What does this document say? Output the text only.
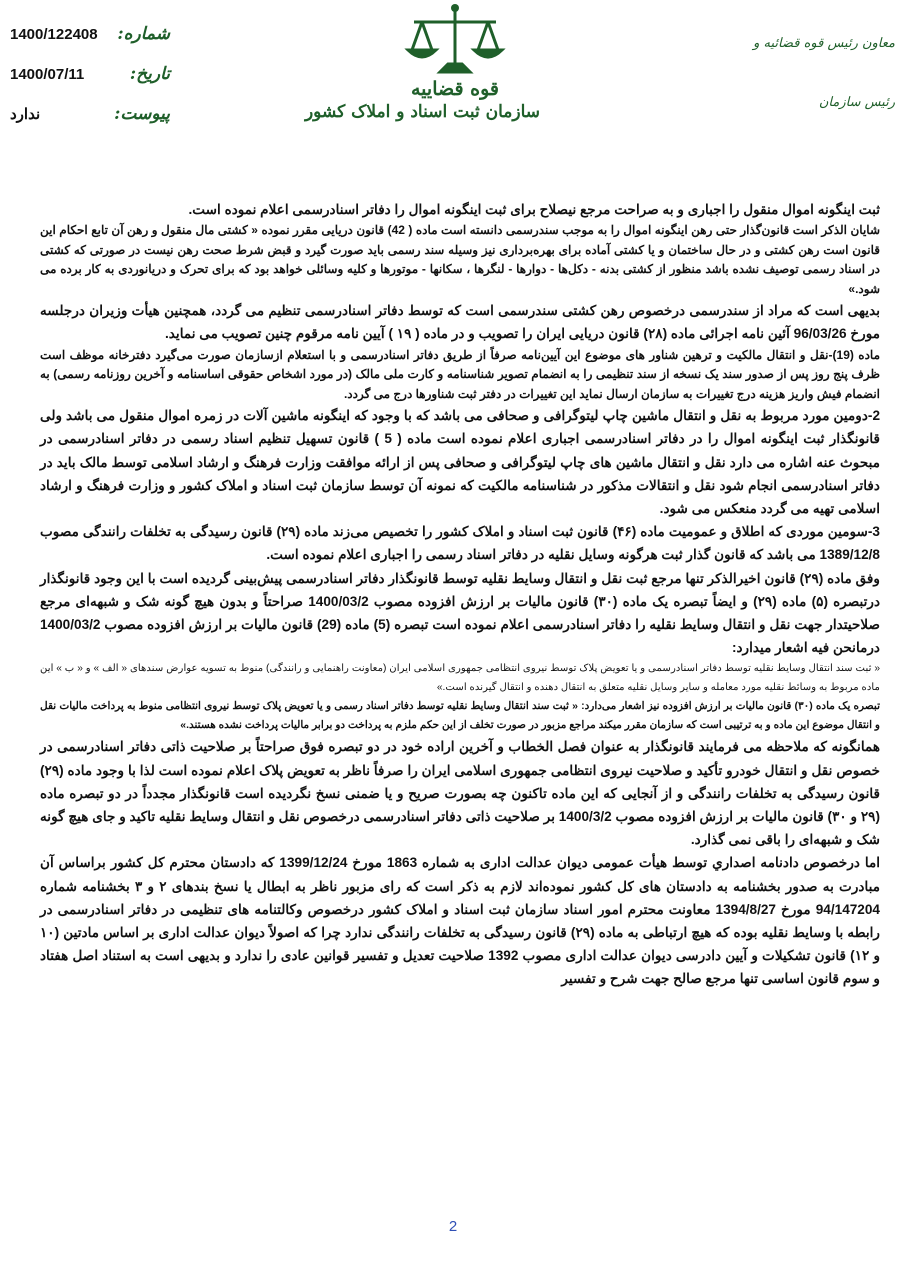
شماره:
1400/122408
تاریخ:
1400/07/11
پیوست:
ندارد
قوه قضاییه
سازمان ثبت اسناد و املاک کشور
معاون رئیس قوه قضائیه و
رئیس سازمان

ثبت اینگونه اموال منقول را اجباری و به صراحت مرجع نیصلاح برای ثبت اینگونه اموال را دفاتر اسنادرسمی اعلام نموده است.

شایان الذکر است قانون‌گذار حتی رهن اینگونه اموال را به موجب سندرسمی دانسته است ماده ( 42) قانون دریایی مقرر نموده « کشتی مال منقول و رهن آن تابع احکام این قانون است رهن کشتی و در حال ساختمان و یا کشتی آماده برای بهره‌برداری نیز وسیله سند رسمی باید صورت گیرد و قبض شرط صحت رهن نیست در صورتی که کشتی در اسناد رسمی توصیف نشده باشد منظور از کشتی بدنه - دکل‌ها - دوارها - لنگرها ، سکانها - موتورها و کلیه وسائلی خواهد بود که برای تحرک و دریانوردی به کار برده می شود.»

بدیهی است که مراد از سندرسمی درخصوص رهن کشتی سندرسمی است که توسط دفاتر اسنادرسمی تنظیم می گردد، همچنین هیأت وزیران درجلسه مورخ 96/03/26 آئین نامه اجرائی ماده (۲۸) قانون دریایی ایران را تصویب و در ماده ( ۱۹ ) آیین نامه مرقوم چنین تصویب می نماید.

ماده (19)-نقل و انتقال مالکیت و ترهین شناور های موضوع این آیین‌نامه صرفاً از طریق دفاتر اسنادرسمی و با استعلام ازسازمان صورت می‌گیرد دفترخانه موظف است ظرف پنج روز پس از صدور سند یک نسخه از سند تنظیمی را به انضمام تصویر شناسنامه و کارت ملی مالک (در مورد اشخاص حقوقی اساسنامه و آخرین روزنامه رسمی) به انضمام فیش واریز هزینه درج تغییرات به سازمان ارسال نماید این تغییرات در دفتر ثبت شناورها درج می گردد.

2-دومین مورد مربوط به نقل و انتقال ماشین چاپ لیتوگرافی و صحافی می باشد که با وجود که اینگونه ماشین آلات در زمره اموال منقول می باشد ولی قانونگذار ثبت اینگونه اموال را در دفاتر اسنادرسمی اجباری اعلام نموده است ماده ( 5 ) قانون تسهیل تنظیم اسناد رسمی در دفاتر اسنادرسمی در مبحوث عنه اشاره می دارد نقل و انتقال ماشین های چاپ لیتوگرافی و صحافی پس از ارائه موافقت وزارت فرهنگ و ارشاد اسلامی توسط مالک باید در دفاتر اسنادرسمی انجام شود نقل و انتقالات مذکور در شناسنامه مالکیت که نمونه آن توسط سازمان ثبت اسناد و املاک کشور و وزارت فرهنگ و ارشاد اسلامی تهیه می گردد منعکس می شود.

3-سومین موردی که اطلاق و عمومیت ماده (۴۶) قانون ثبت اسناد و املاک کشور را تخصیص می‌زند ماده (۲۹) قانون رسیدگی به تخلفات رانندگی مصوب 1389/12/8 می باشد که قانون گذار ثبت هرگونه وسایل نقلیه در دفاتر اسناد رسمی را اجباری اعلام نموده است.

وفق ماده (۲۹) قانون اخیرالذکر تنها مرجع ثبت نقل و انتقال وسایط نقلیه توسط قانونگذار دفاتر اسنادرسمی پیش‌بینی گردیده است با این وجود قانونگذار درتبصره (۵) ماده (۲۹) و ایضاً تبصره یک ماده (۳۰) قانون مالیات بر ارزش افزوده مصوب 1400/03/2 صراحتاً و بدون هیچ گونه شک و شبهه‌ای مرجع صلاحیتدار جهت نقل و انتقال وسایط نقلیه را دفاتر اسنادرسمی اعلام نموده است تبصره (5) ماده (29) قانون مالیات بر ارزش افزوده مصوب 1400/03/2 درمانحن فیه اشعار میدارد:

« ثبت سند انتقال وسایط نقلیه توسط دفاتر اسنادرسمی و یا تعویض پلاک توسط نیروی انتظامی جمهوری اسلامی ایران (معاونت راهنمایی و رانندگی) منوط به تسویه عوارض سندهای « الف » و « ب » این ماده مربوط به وسائط نقلیه مورد معامله و سایر وسایل نقلیه متعلق به انتقال دهنده و انتقال گیرنده است.»

تبصره یک ماده (۳۰) قانون مالیات بر ارزش افزوده نیز اشعار می‌دارد: « ثبت سند انتقال وسایط نقلیه توسط دفاتر اسناد رسمی و یا تعویض پلاک توسط نیروی انتظامی منوط به پرداخت مالیات نقل و انتقال موضوع این ماده و به ترتیبی است که سازمان مقرر میکند مراجع مزبور در صورت تخلف از این حکم ملزم به پرداخت دو برابر مالیات پرداخت نشده هستند.»

همانگونه که ملاحظه می فرمایند قانونگذار به عنوان فصل الخطاب و آخرین اراده خود در دو تبصره فوق صراحتاً بر صلاحیت ذاتی دفاتر اسنادرسمی در خصوص نقل و انتقال خودرو تأکید و صلاحیت نیروی انتظامی جمهوری اسلامی ایران را صرفاً ناظر به تعویض پلاک اعلام نموده است لذا با وجود ماده (۲۹) قانون رسیدگی به تخلفات رانندگی و از آنجایی که این ماده تاکنون چه بصورت صریح و یا ضمنی نسخ نگردیده است قانونگذار مجدداً در دو تبصره ماده (۲۹ و ۳۰) قانون مالیات بر ارزش افزوده مصوب 1400/3/2 بر صلاحیت ذاتی دفاتر اسنادرسمی درخصوص نقل و انتقال وسایط نقلیه تاکید و جای هیچ گونه شک و شبهه‌ای را باقی نمی گذارد.

اما درخصوص دادنامه اصداري توسط هیأت عمومی دیوان عدالت اداری به شماره 1863 مورخ 1399/12/24 که دادستان محترم کل کشور براساس آن مبادرت به صدور بخشنامه به دادستان های کل کشور نموده‌اند لازم به ذکر است که رای مزبور ناظر به ابطال یا نسخ بندهای ۲ و ۳ بخشنامه شماره 94/147204 مورخ 1394/8/27 معاونت محترم امور اسناد سازمان ثبت اسناد و املاک کشور درخصوص وکالتنامه های تنظیمی در دفاتر اسنادرسمی در رابطه با وسایط نقلیه بوده که هیچ ارتباطی به ماده (۲۹) قانون رسیدگی به تخلفات رانندگی ندارد چرا که اصولاً دیوان عدالت اداری بر اساس مادتین (۱۰ و ۱۲) قانون تشکیلات و آیین دادرسی دیوان عدالت اداری مصوب 1392 صلاحیت تعدیل و تفسیر قوانین عادی را ندارد و بدیهی است به استناد اصل هفتاد و سوم قانون اساسی تنها مرجع صالح جهت شرح و تفسیر

2
